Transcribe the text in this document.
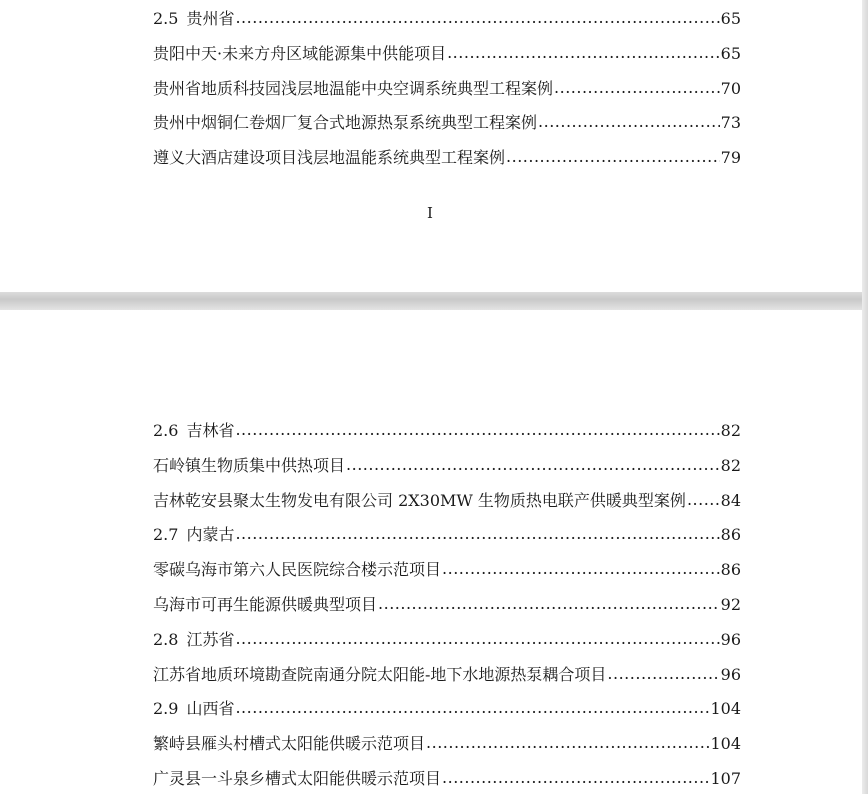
2.5 贵州省 .....	65
贵阳中天·未来方舟区域能源集中供能项目 .....	65
贵州省地质科技园浅层地温能中央空调系统典型工程案例 .....	70
贵州中烟铜仁卷烟厂复合式地源热泵系统典型工程案例 .....	73
遵义大酒店建设项目浅层地温能系统典型工程案例 .....	79
I
2.6 吉林省 .....	82
石岭镇生物质集中供热项目 .....	82
吉林乾安县聚太生物发电有限公司 2X30MW 生物质热电联产供暖典型案例 ..... 84
2.7 内蒙古 .....	86
零碳乌海市第六人民医院综合楼示范项目 .....	86
乌海市可再生能源供暖典型项目 .....	92
2.8 江苏省 .....	96
江苏省地质环境勘查院南通分院太阳能-地下水地源热泵耦合项目 .....	96
2.9 山西省 .....	104
繁峙县雁头村槽式太阳能供暖示范项目 .....	104
广灵县一斗泉乡槽式太阳能供暖示范项目 .....	107
